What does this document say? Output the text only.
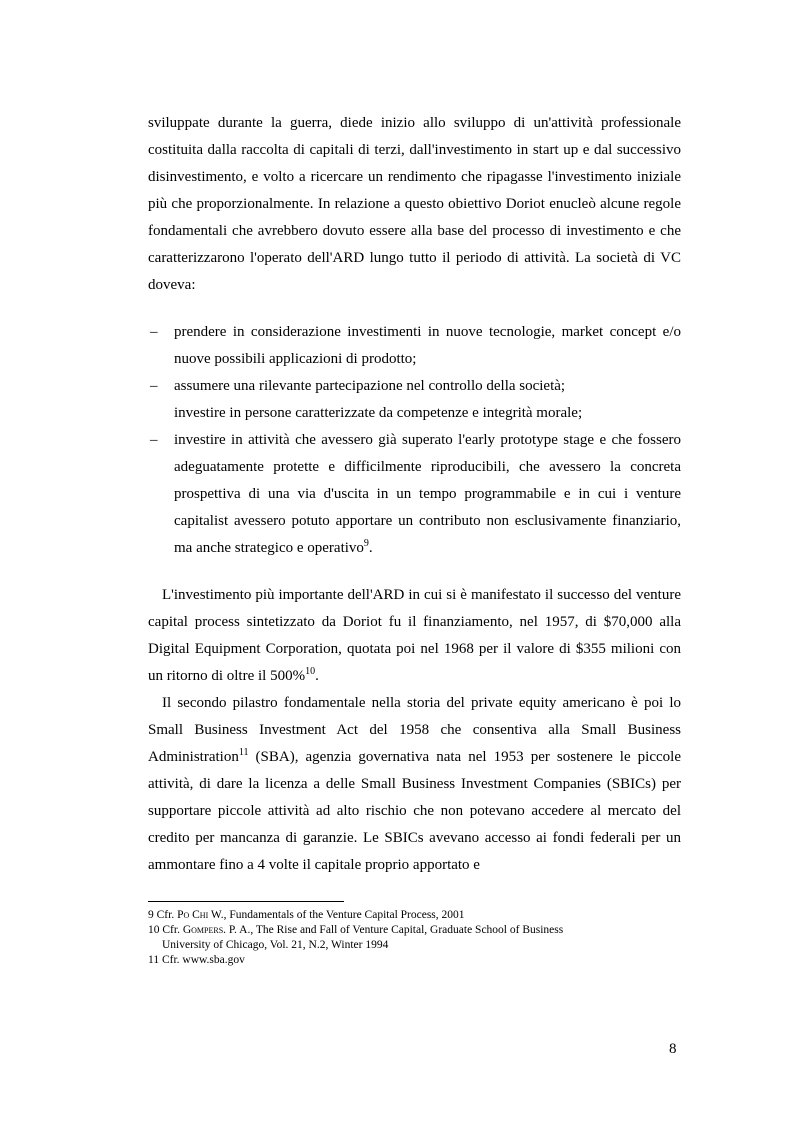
sviluppate durante la guerra, diede inizio allo sviluppo di un'attività professionale costituita dalla raccolta di capitali di terzi, dall'investimento in start up e dal successivo disinvestimento, e volto a ricercare un rendimento che ripagasse l'investimento iniziale più che proporzionalmente. In relazione a questo obiettivo Doriot enucleò alcune regole fondamentali che avrebbero dovuto essere alla base del processo di investimento e che caratterizzarono l'operato dell'ARD lungo tutto il periodo di attività. La società di VC doveva:

– prendere in considerazione investimenti in nuove tecnologie, market concept e/o nuove possibili applicazioni di prodotto;
– assumere una rilevante partecipazione nel controllo della società;
investire in persone caratterizzate da competenze e integrità morale;
– investire in attività che avessero già superato l'early prototype stage e che fossero adeguatamente protette e difficilmente riproducibili, che avessero la concreta prospettiva di una via d'uscita in un tempo programmabile e in cui i venture capitalist avessero potuto apportare un contributo non esclusivamente finanziario, ma anche strategico e operativo$^9$.

L'investimento più importante dell'ARD in cui si è manifestato il successo del venture capital process sintetizzato da Doriot fu il finanziamento, nel 1957, di $70,000 alla Digital Equipment Corporation, quotata poi nel 1968 per il valore di $355 milioni con un ritorno di oltre il 500%$^{10}$.

Il secondo pilastro fondamentale nella storia del private equity americano è poi lo Small Business Investment Act del 1958 che consentiva alla Small Business Administration$^{11}$ (SBA), agenzia governativa nata nel 1953 per sostenere le piccole attività, di dare la licenza a delle Small Business Investment Companies (SBICs) per supportare piccole attività ad alto rischio che non potevano accedere al mercato del credito per mancanza di garanzie. Le SBICs avevano accesso ai fondi federali per un ammontare fino a 4 volte il capitale proprio apportato e

9 Cfr. Po Chi W., Fundamentals of the Venture Capital Process, 2001
10 Cfr. Gompers. P. A., The Rise and Fall of Venture Capital, Graduate School of Business
University of Chicago, Vol. 21, N.2, Winter 1994
11 Cfr. www.sba.gov
8
